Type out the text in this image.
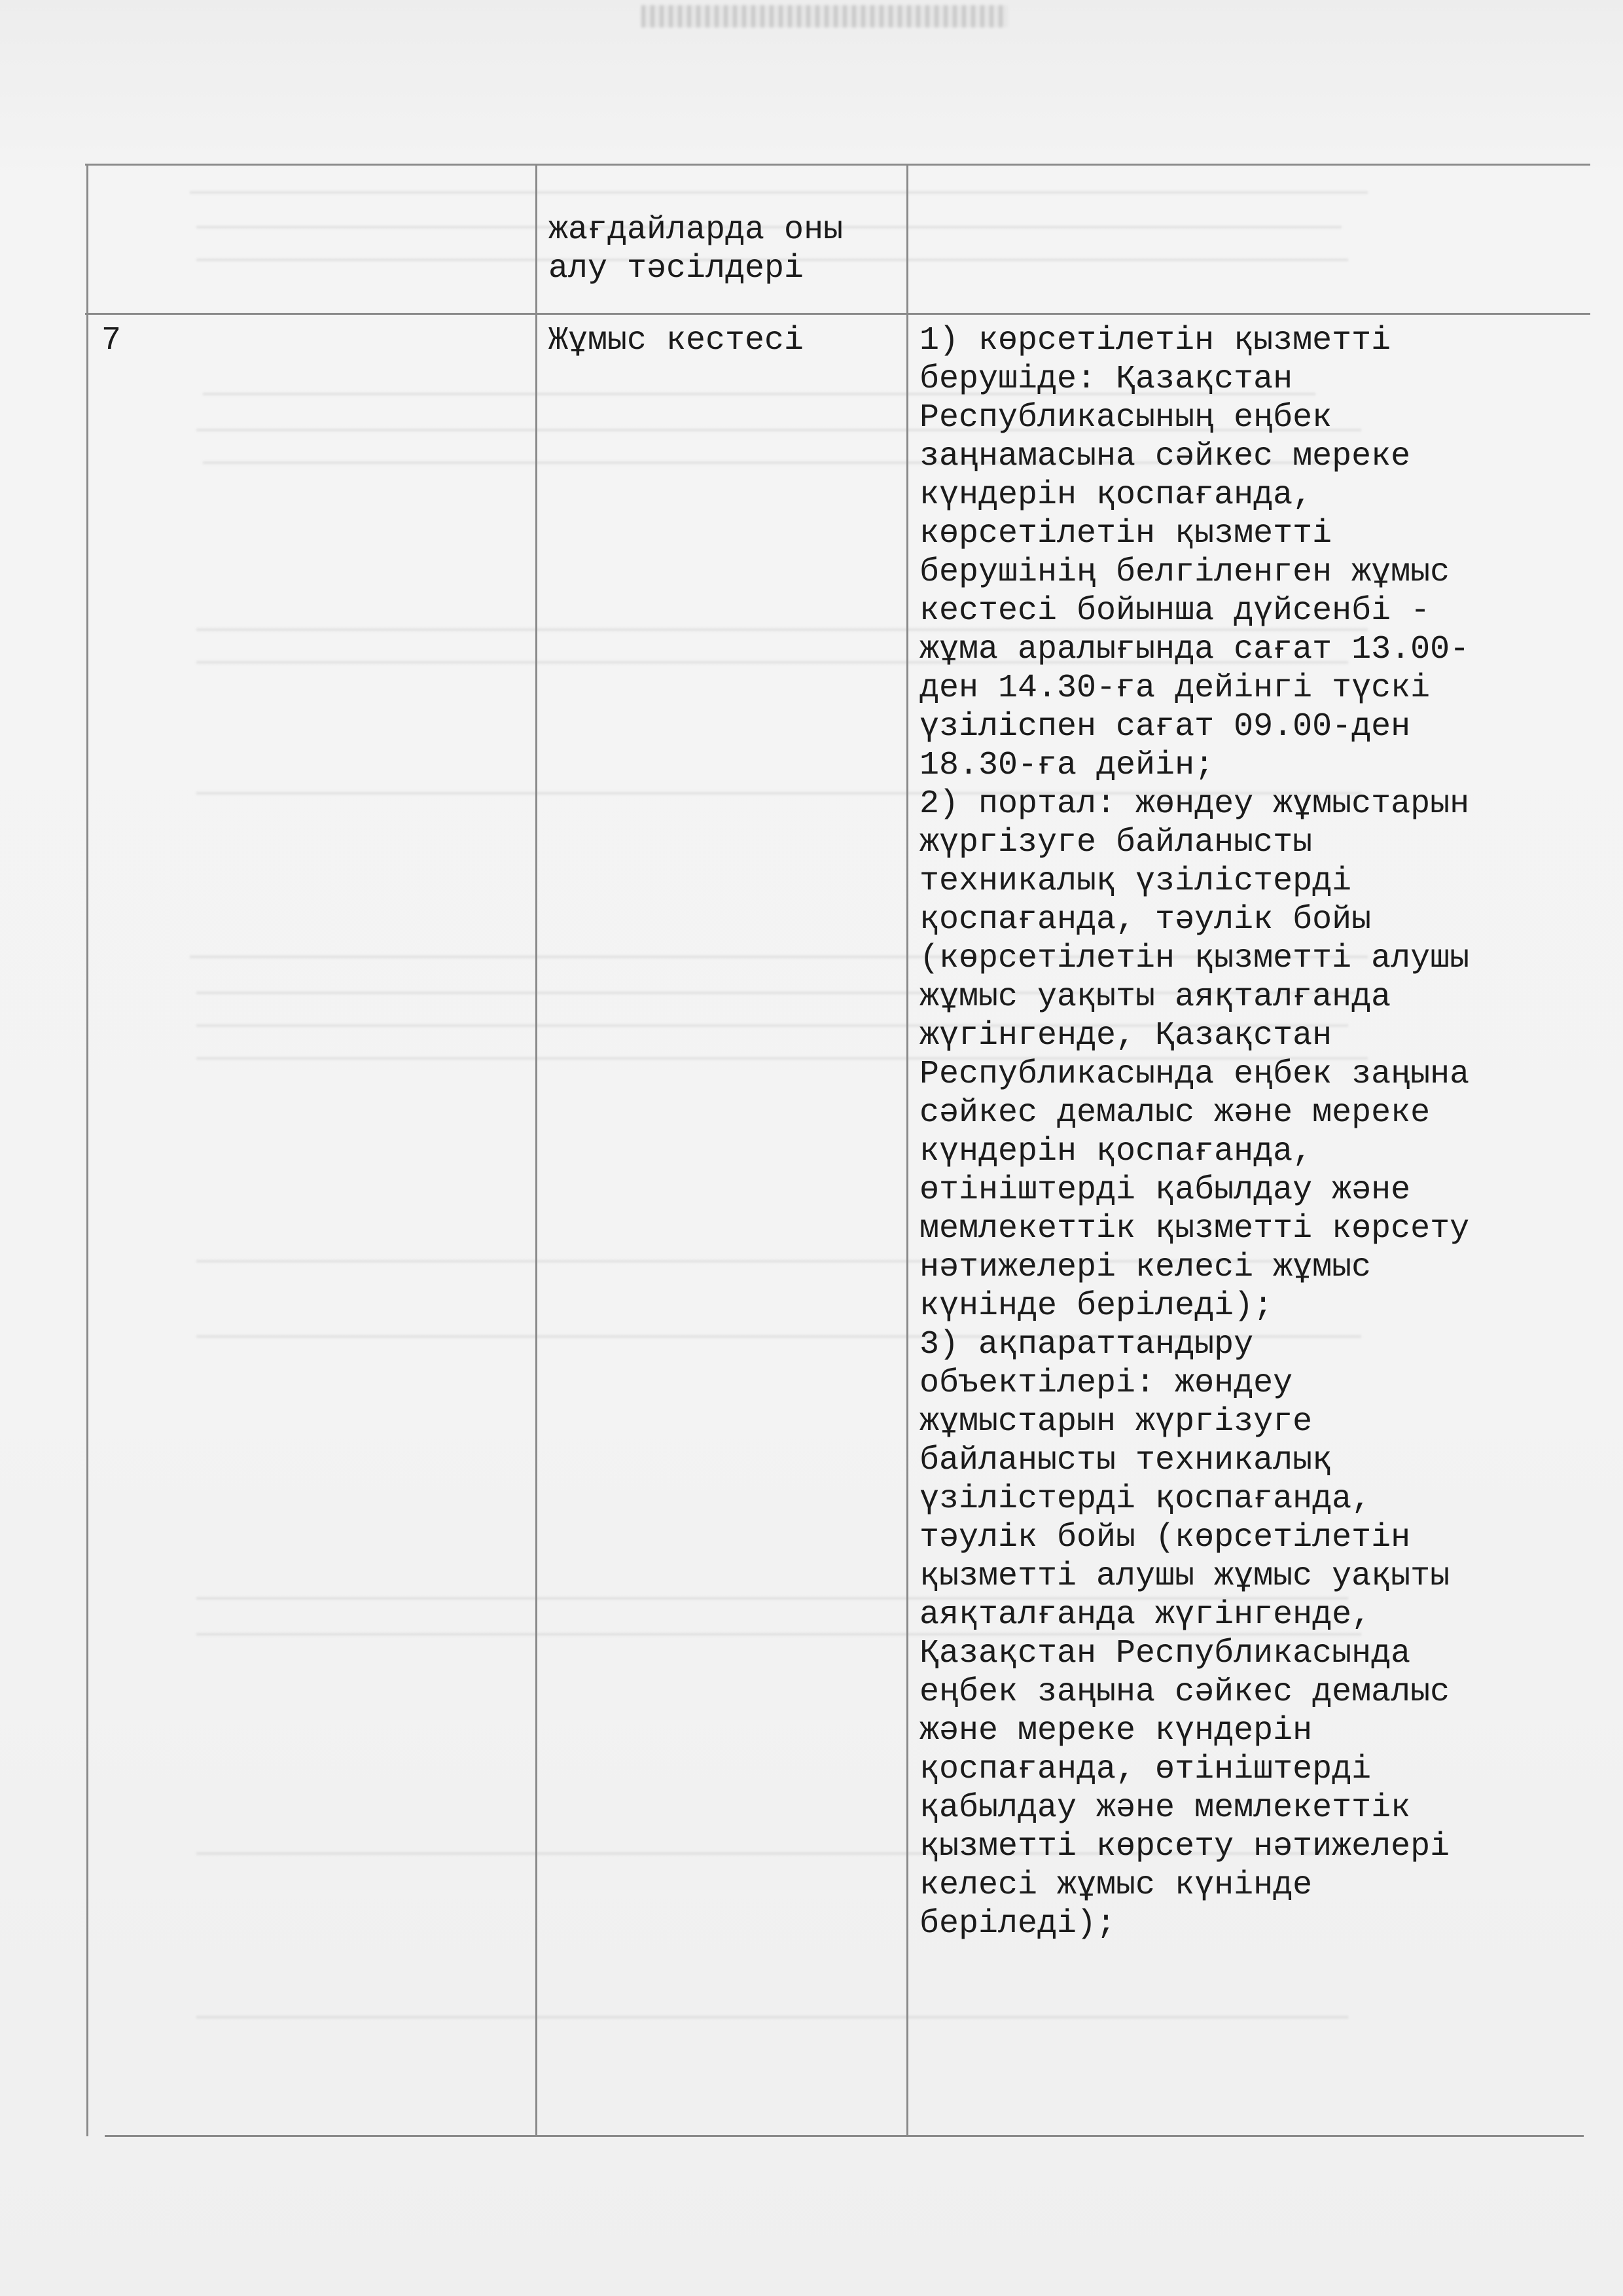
жағдайларда оны
алу тәсілдері

7	Жұмыс кестесі	1) көрсетілетін қызметті
берушіде: Қазақстан
Республикасының еңбек
заңнамасына сәйкес мереке
күндерін қоспағанда,
көрсетілетін қызметті
берушінің белгіленген жұмыс
кестесі бойынша дүйсенбі -
жұма аралығында сағат 13.00-
ден 14.30-ға дейінгі түскі
үзіліспен сағат 09.00-ден
18.30-ға дейін;
2) портал: жөндеу жұмыстарын
жүргізуге байланысты
техникалық үзілістерді
қоспағанда, тәулік бойы
(көрсетілетін қызметті алушы
жұмыс уақыты аяқталғанда
жүгінгенде, Қазақстан
Республикасында еңбек заңына
сәйкес демалыс және мереке
күндерін қоспағанда,
өтініштерді қабылдау және
мемлекеттік қызметті көрсету
нәтижелері келесі жұмыс
күнінде беріледі);
3) ақпараттандыру
объектілері: жөндеу
жұмыстарын жүргізуге
байланысты техникалық
үзілістерді қоспағанда,
тәулік бойы (көрсетілетін
қызметті алушы жұмыс уақыты
аяқталғанда жүгінгенде,
Қазақстан Республикасында
еңбек заңына сәйкес демалыс
және мереке күндерін
қоспағанда, өтініштерді
қабылдау және мемлекеттік
қызметті көрсету нәтижелері
келесі жұмыс күнінде
беріледі);
